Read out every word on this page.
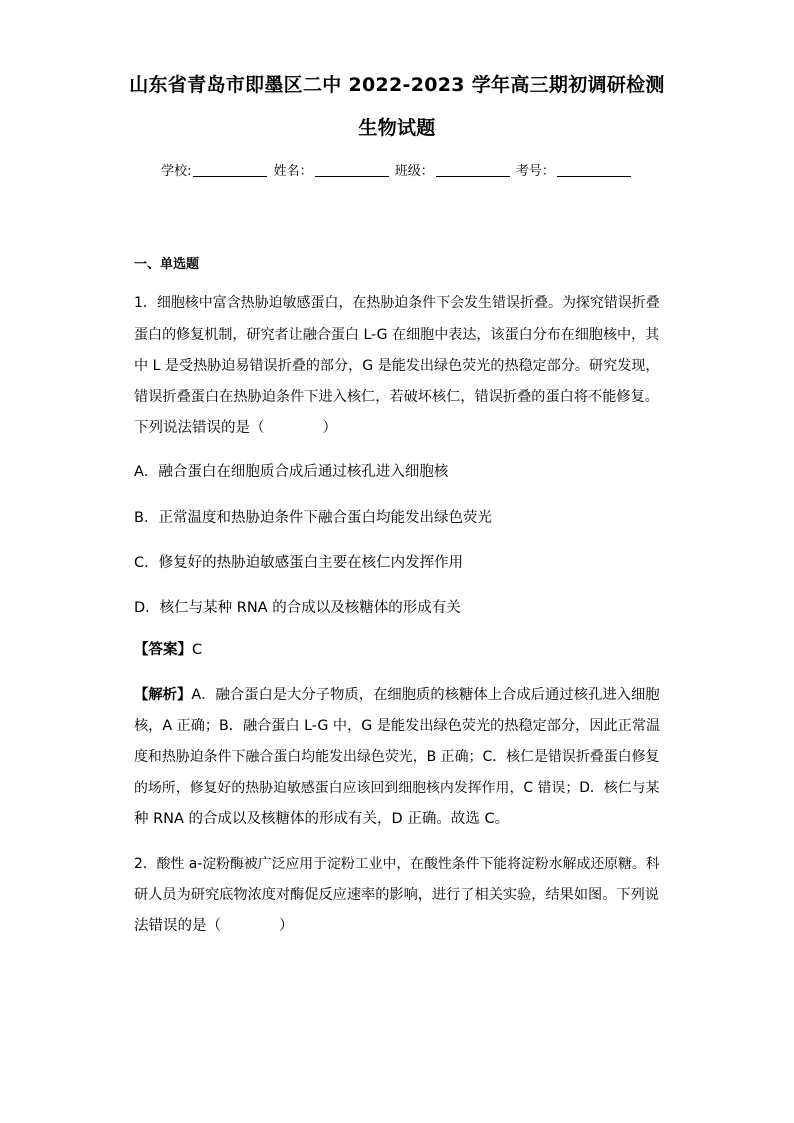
山东省青岛市即墨区二中 2022-2023 学年高三期初调研检测
生物试题
学校:	姓名：	班级：	考号：
一、单选题
1．细胞核中富含热胁迫敏感蛋白，在热胁迫条件下会发生错误折叠。为探究错误折叠
蛋白的修复机制，研究者让融合蛋白 L-G 在细胞中表达，该蛋白分布在细胞核中，其
中 L 是受热胁迫易错误折叠的部分，G 是能发出绿色荧光的热稳定部分。研究发现，
错误折叠蛋白在热胁迫条件下进入核仁，若破坏核仁，错误折叠的蛋白将不能修复。
下列说法错误的是（　　　　）
A．融合蛋白在细胞质合成后通过核孔进入细胞核
B．正常温度和热胁迫条件下融合蛋白均能发出绿色荧光
C．修复好的热胁迫敏感蛋白主要在核仁内发挥作用
D．核仁与某种 RNA 的合成以及核糖体的形成有关
【答案】C
【解析】A．融合蛋白是大分子物质，在细胞质的核糖体上合成后通过核孔进入细胞
核，A 正确；B．融合蛋白 L-G 中，G 是能发出绿色荧光的热稳定部分，因此正常温
度和热胁迫条件下融合蛋白均能发出绿色荧光，B 正确；C．核仁是错误折叠蛋白修复
的场所，修复好的热胁迫敏感蛋白应该回到细胞核内发挥作用，C 错误；D．核仁与某
种 RNA 的合成以及核糖体的形成有关，D 正确。故选 C。
2．酸性 a-淀粉酶被广泛应用于淀粉工业中，在酸性条件下能将淀粉水解成还原糖。科
研人员为研究底物浓度对酶促反应速率的影响，进行了相关实验，结果如图。下列说
法错误的是（　　　　）
